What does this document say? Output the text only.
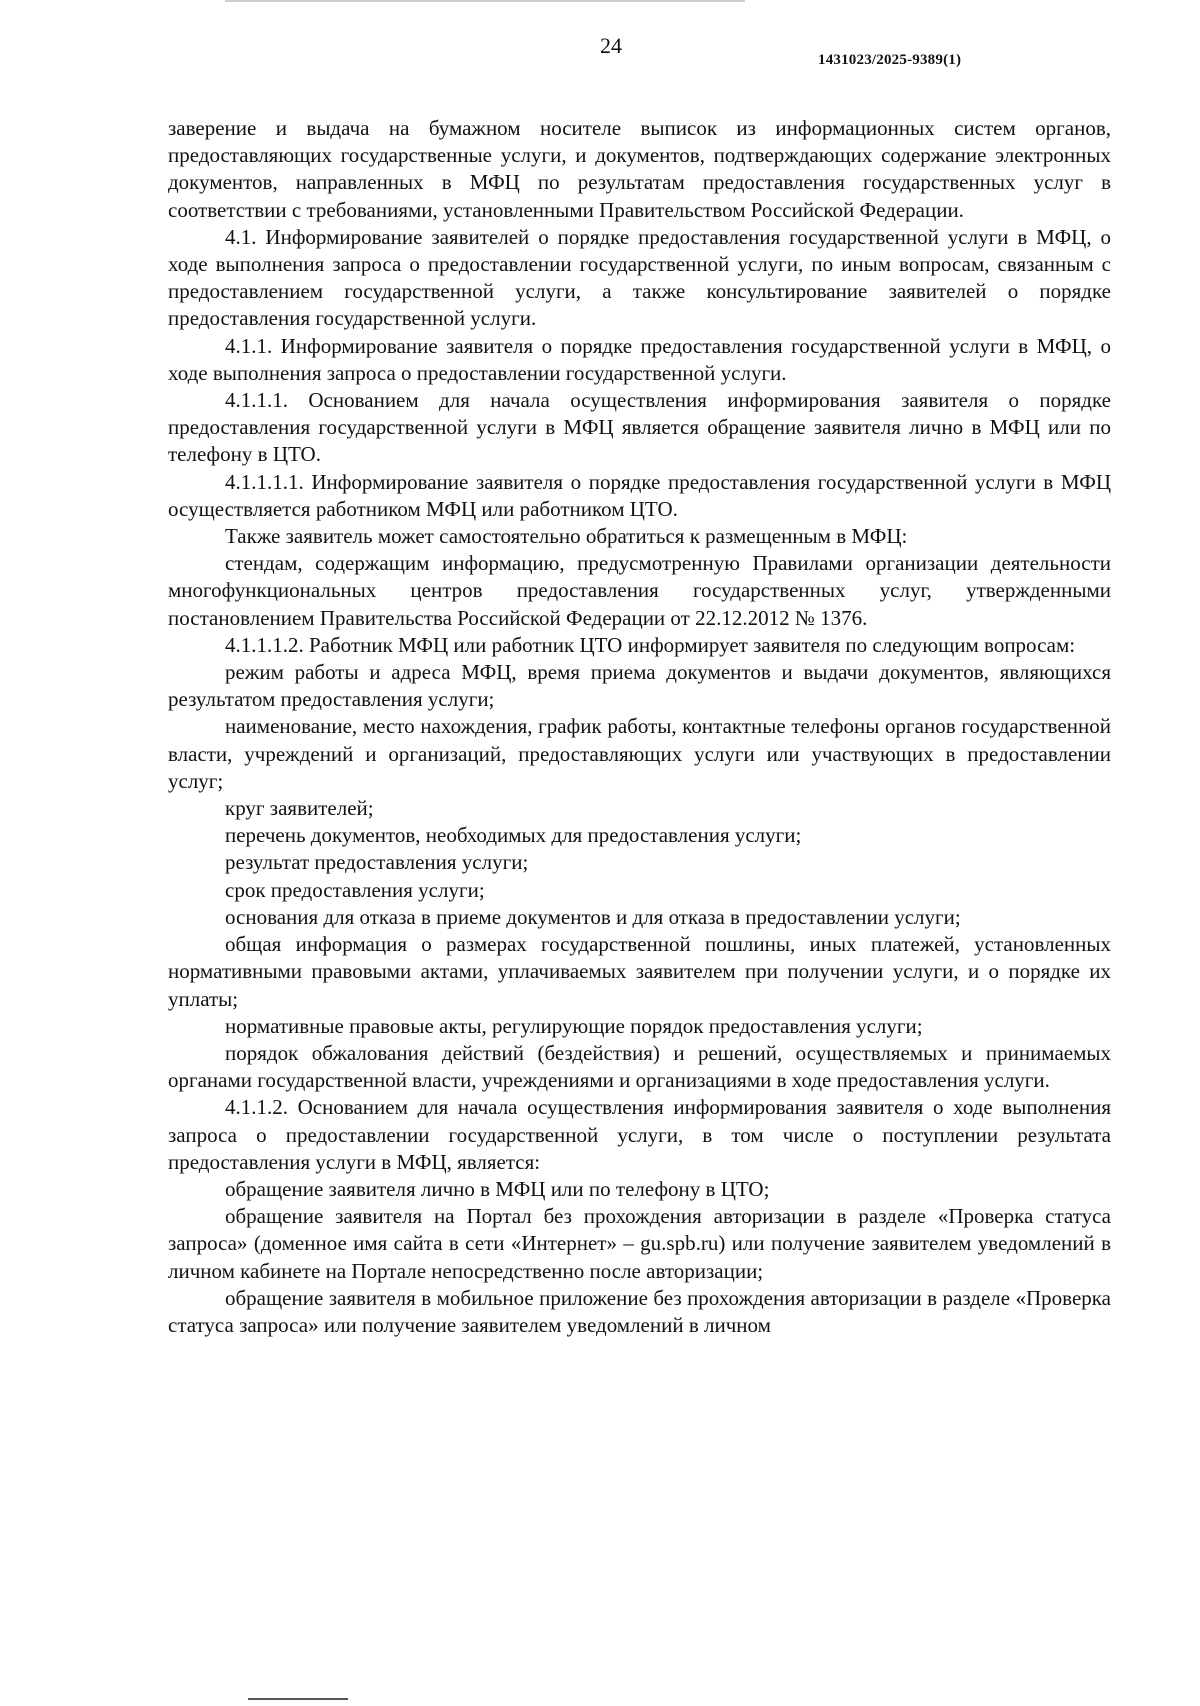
24
1431023/2025-9389(1)

заверение и выдача на бумажном носителе выписок из информационных систем органов, предоставляющих государственные услуги, и документов, подтверждающих содержание электронных документов, направленных в МФЦ по результатам предоставления государственных услуг в соответствии с требованиями, установленными Правительством Российской Федерации.

4.1. Информирование заявителей о порядке предоставления государственной услуги в МФЦ, о ходе выполнения запроса о предоставлении государственной услуги, по иным вопросам, связанным с предоставлением государственной услуги, а также консультирование заявителей о порядке предоставления государственной услуги.

4.1.1. Информирование заявителя о порядке предоставления государственной услуги в МФЦ, о ходе выполнения запроса о предоставлении государственной услуги.

4.1.1.1. Основанием для начала осуществления информирования заявителя о порядке предоставления государственной услуги в МФЦ является обращение заявителя лично в МФЦ или по телефону в ЦТО.

4.1.1.1.1. Информирование заявителя о порядке предоставления государственной услуги в МФЦ осуществляется работником МФЦ или работником ЦТО.

Также заявитель может самостоятельно обратиться к размещенным в МФЦ:

стендам, содержащим информацию, предусмотренную Правилами организации деятельности многофункциональных центров предоставления государственных услуг, утвержденными постановлением Правительства Российской Федерации от 22.12.2012 № 1376.

4.1.1.1.2. Работник МФЦ или работник ЦТО информирует заявителя по следующим вопросам:

режим работы и адреса МФЦ, время приема документов и выдачи документов, являющихся результатом предоставления услуги;

наименование, место нахождения, график работы, контактные телефоны органов государственной власти, учреждений и организаций, предоставляющих услуги или участвующих в предоставлении услуг;

круг заявителей;

перечень документов, необходимых для предоставления услуги;

результат предоставления услуги;

срок предоставления услуги;

основания для отказа в приеме документов и для отказа в предоставлении услуги;

общая информация о размерах государственной пошлины, иных платежей, установленных нормативными правовыми актами, уплачиваемых заявителем при получении услуги, и о порядке их уплаты;

нормативные правовые акты, регулирующие порядок предоставления услуги;

порядок обжалования действий (бездействия) и решений, осуществляемых и принимаемых органами государственной власти, учреждениями и организациями в ходе предоставления услуги.

4.1.1.2. Основанием для начала осуществления информирования заявителя о ходе выполнения запроса о предоставлении государственной услуги, в том числе о поступлении результата предоставления услуги в МФЦ, является:

обращение заявителя лично в МФЦ или по телефону в ЦТО;

обращение заявителя на Портал без прохождения авторизации в разделе «Проверка статуса запроса» (доменное имя сайта в сети «Интернет» – gu.spb.ru) или получение заявителем уведомлений в личном кабинете на Портале непосредственно после авторизации;

обращение заявителя в мобильное приложение без прохождения авторизации в разделе «Проверка статуса запроса» или получение заявителем уведомлений в личном
